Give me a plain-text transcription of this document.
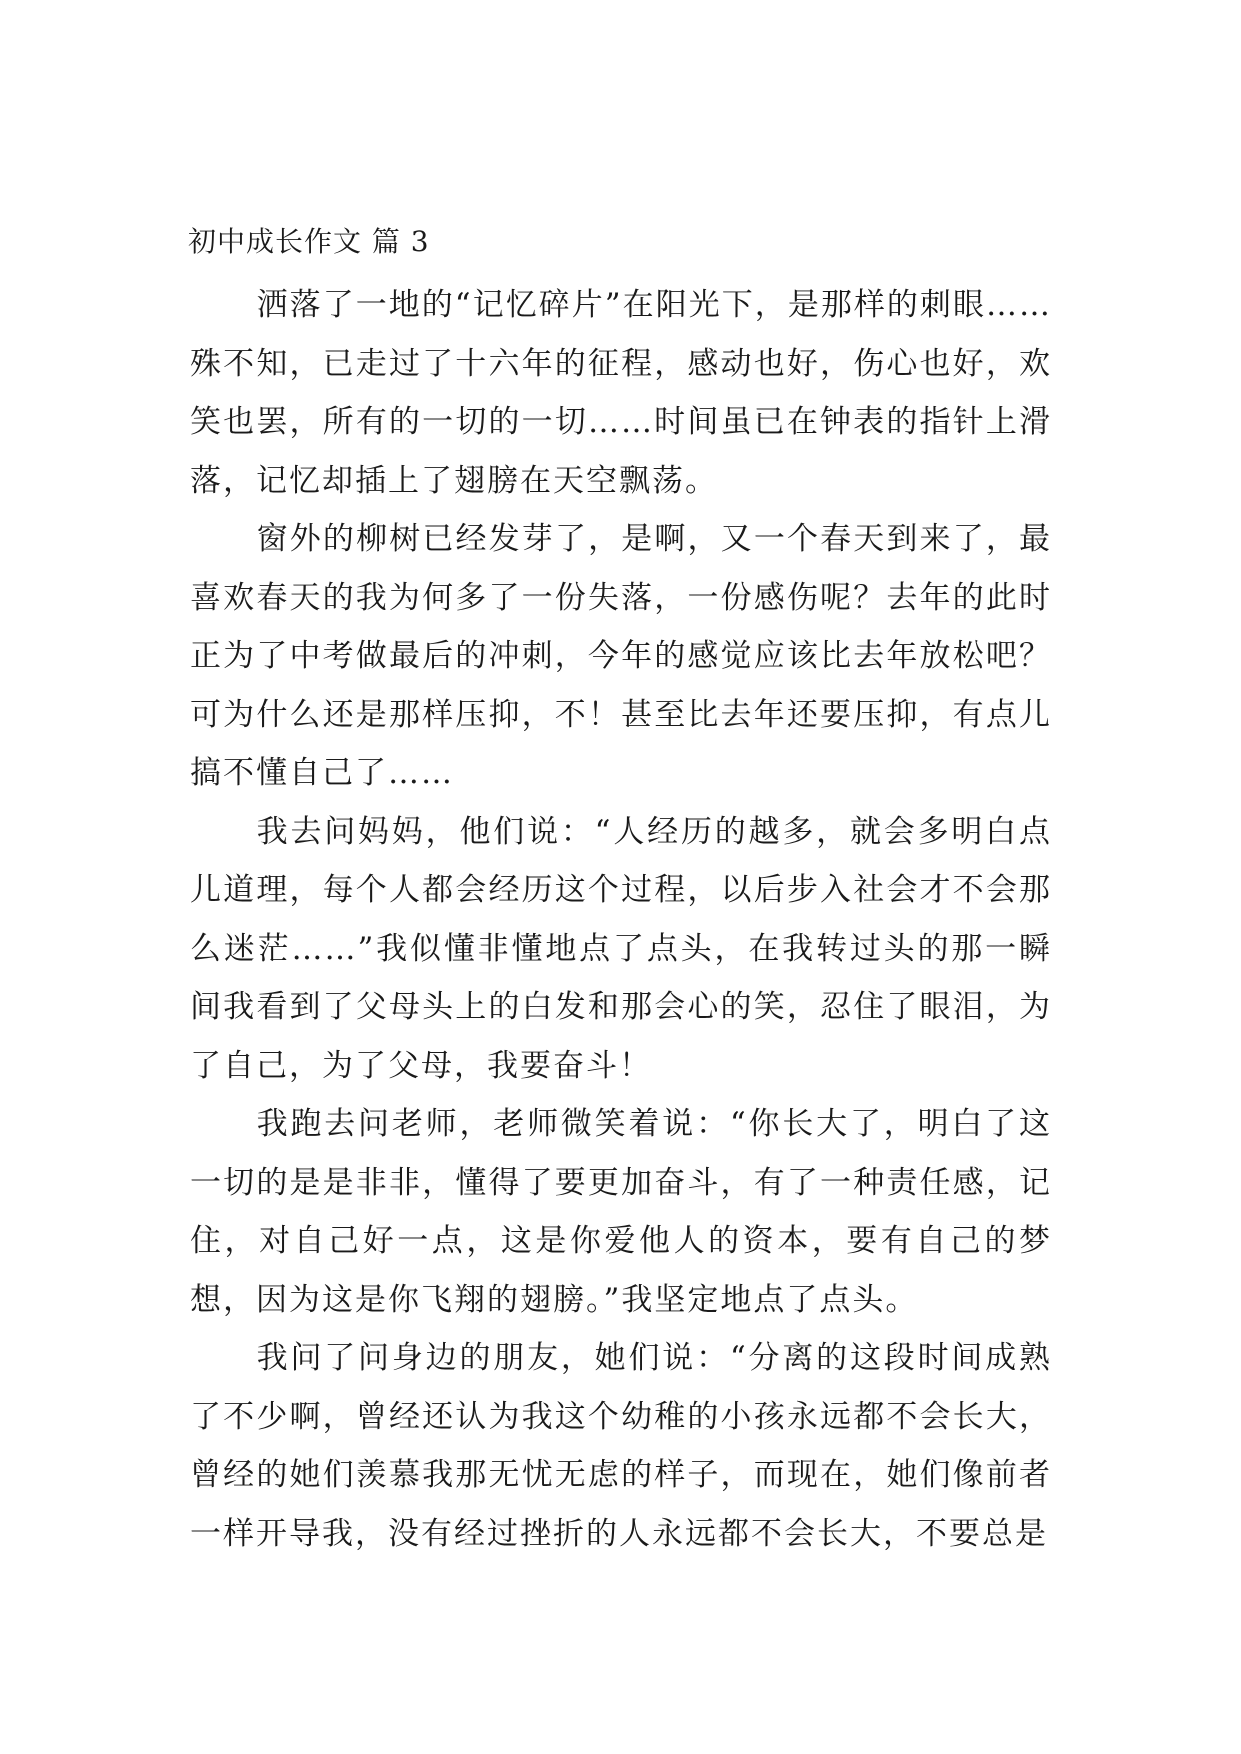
初中成长作文 篇 3

洒落了一地的“记忆碎片”在阳光下，是那样的刺眼……殊不知，已走过了十六年的征程，感动也好，伤心也好，欢笑也罢，所有的一切的一切……时间虽已在钟表的指针上滑落，记忆却插上了翅膀在天空飘荡。

窗外的柳树已经发芽了，是啊，又一个春天到来了，最喜欢春天的我为何多了一份失落，一份感伤呢？去年的此时正为了中考做最后的冲刺，今年的感觉应该比去年放松吧？可为什么还是那样压抑，不！甚至比去年还要压抑，有点儿搞不懂自己了……

我去问妈妈，他们说：“人经历的越多，就会多明白点儿道理，每个人都会经历这个过程，以后步入社会才不会那么迷茫……”我似懂非懂地点了点头，在我转过头的那一瞬间我看到了父母头上的白发和那会心的笑，忍住了眼泪，为了自己，为了父母，我要奋斗！

我跑去问老师，老师微笑着说：“你长大了，明白了这一切的是是非非，懂得了要更加奋斗，有了一种责任感，记住，对自己好一点，这是你爱他人的资本，要有自己的梦想，因为这是你飞翔的翅膀。”我坚定地点了点头。

我问了问身边的朋友，她们说：“分离的这段时间成熟了不少啊，曾经还认为我这个幼稚的小孩永远都不会长大，曾经的她们羡慕我那无忧无虑的样子，而现在，她们像前者一样开导我，没有经过挫折的人永远都不会长大，不要总是
